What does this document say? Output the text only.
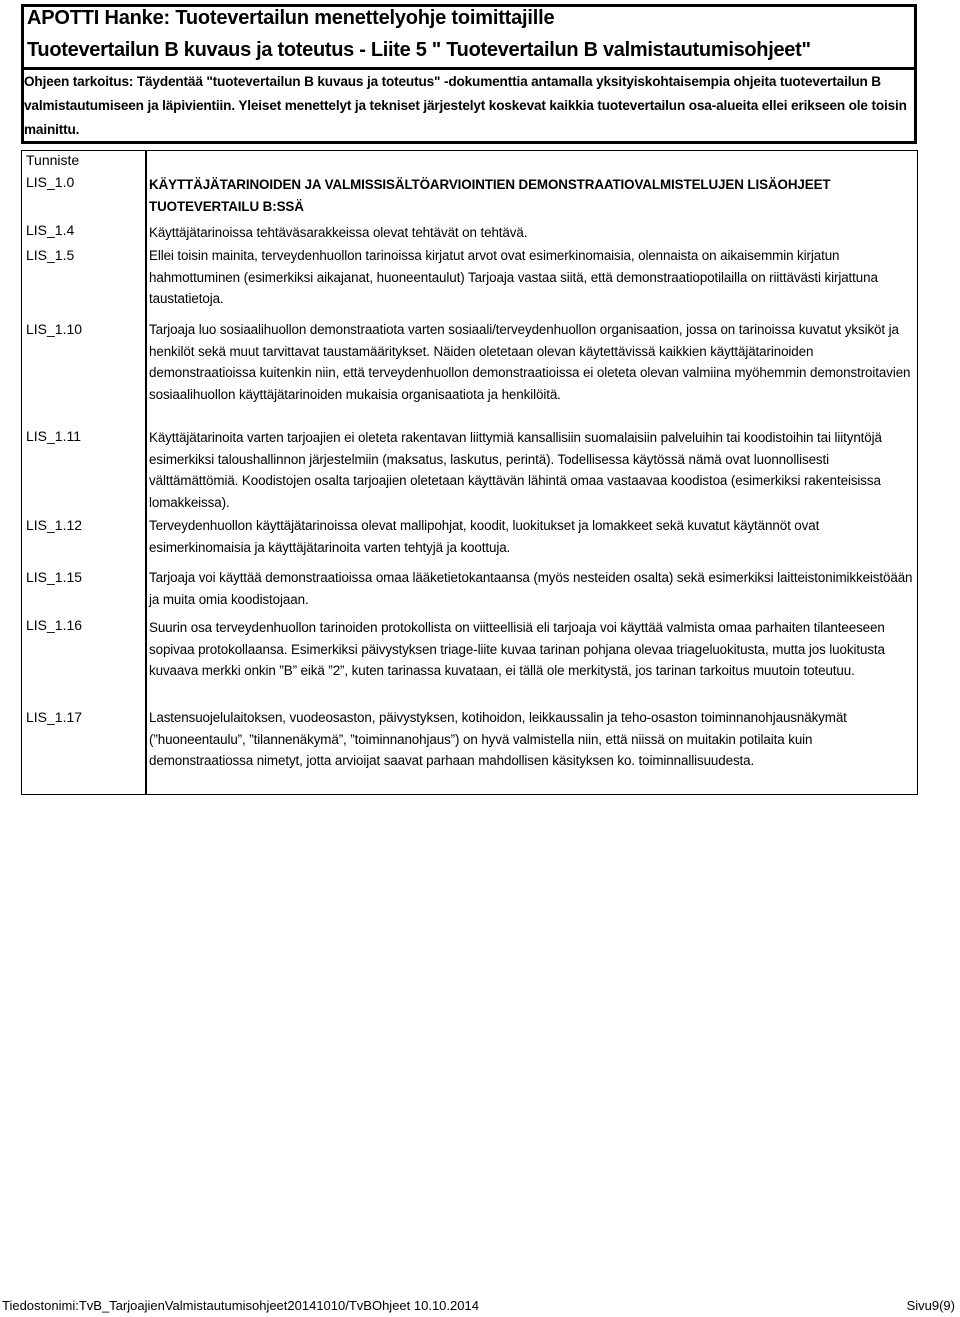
APOTTI Hanke: Tuotevertailun menettelyohje toimittajille
Tuotevertailun B kuvaus ja toteutus - Liite 5 " Tuotevertailun B valmistautumisohjeet"
Ohjeen tarkoitus: Täydentää "tuotevertailun B kuvaus ja toteutus" -dokumenttia antamalla yksityiskohtaisempia ohjeita tuotevertailun B valmistautumiseen ja läpivientiin. Yleiset menettelyt ja tekniset järjestelyt koskevat kaikkia tuotevertailun osa-alueita ellei erikseen ole toisin mainittu.
Tunniste
LIS_1.0	KÄYTTÄJÄTARINOIDEN JA VALMISSISÄLTÖARVIOINTIEN DEMONSTRAATIOVALMISTELUJEN LISÄOHJEET TUOTEVERTAILU B:SSÄ
LIS_1.4	Käyttäjätarinoissa tehtäväsarakkeissa olevat tehtävät on tehtävä.
LIS_1.5	Ellei toisin mainita, terveydenhuollon tarinoissa kirjatut arvot ovat esimerkinomaisia, olennaista on aikaisemmin kirjatun hahmottuminen (esimerkiksi aikajanat, huoneentaulut) Tarjoaja vastaa siitä, että demonstraatiopotilailla on riittävästi kirjattuna taustatietoja.
LIS_1.10	Tarjoaja luo sosiaalihuollon demonstraatiota varten sosiaali/terveydenhuollon organisaation, jossa on tarinoissa kuvatut yksiköt ja henkilöt sekä muut tarvittavat taustamääritykset. Näiden oletetaan olevan käytettävissä kaikkien käyttäjätarinoiden demonstraatioissa kuitenkin niin, että terveydenhuollon demonstraatioissa ei oleteta olevan valmiina myöhemmin demonstroitavien sosiaalihuollon käyttäjätarinoiden mukaisia organisaatiota ja henkilöitä.
LIS_1.11	Käyttäjätarinoita varten tarjoajien ei oleteta rakentavan liittymiä kansallisiin suomalaisiin palveluihin tai koodistoihin tai liityntöjä esimerkiksi taloushallinnon järjestelmiin (maksatus, laskutus, perintä). Todellisessa käytössä nämä ovat luonnollisesti välttämättömiä. Koodistojen osalta tarjoajien oletetaan käyttävän lähintä omaa vastaavaa koodistoa (esimerkiksi rakenteisissa lomakkeissa).
LIS_1.12	Terveydenhuollon käyttäjätarinoissa olevat mallipohjat, koodit, luokitukset ja lomakkeet sekä kuvatut käytännöt ovat esimerkinomaisia ja käyttäjätarinoita varten tehtyjä ja koottuja.
LIS_1.15	Tarjoaja voi käyttää demonstraatioissa omaa lääketietokantaansa (myös nesteiden osalta) sekä esimerkiksi laitteistonimikkeistöään ja muita omia koodistojaan.
LIS_1.16	Suurin osa terveydenhuollon tarinoiden protokollista on viitteellisiä eli tarjoaja voi käyttää valmista omaa parhaiten tilanteeseen sopivaa protokollaansa. Esimerkiksi päivystyksen triage-liite kuvaa tarinan pohjana olevaa triageluokitusta, mutta jos luokitusta kuvaava merkki onkin ”B” eikä ”2”, kuten tarinassa kuvataan, ei tällä ole merkitystä, jos tarinan tarkoitus muutoin toteutuu.
LIS_1.17	Lastensuojelulaitoksen, vuodeosaston, päivystyksen, kotihoidon, leikkaussalin ja teho-osaston toiminnanohjausnäkymät (”huoneentaulu”, ”tilannenäkymä”, ”toiminnanohjaus”) on hyvä valmistella niin, että niissä on muitakin potilaita kuin demonstraatiossa nimetyt, jotta arvioijat saavat parhaan mahdollisen käsityksen ko. toiminnallisuudesta.
Tiedostonimi:TvB_TarjoajienValmistautumisohjeet20141010/TvBOhjeet 10.10.2014	Sivu9(9)
